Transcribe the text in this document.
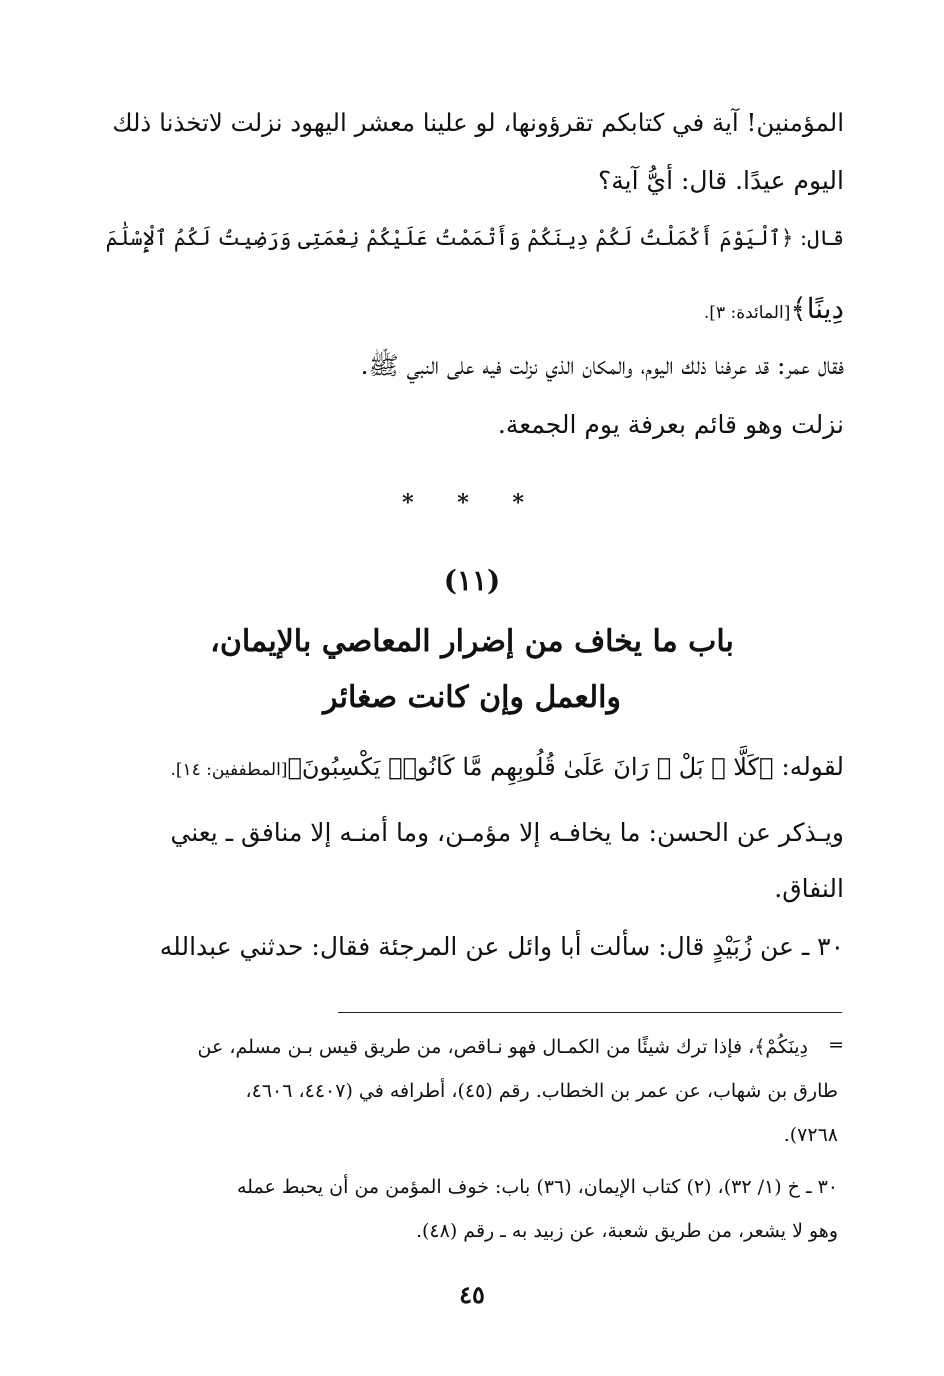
المؤمنين! آية في كتابكم تقرؤونها، لو علينا معشر اليهود نزلت لاتخذنا ذلك
اليوم عيدًا. قال: أيُّ آية؟
قال: ﴿ٱلْيَوْمَ أَكْمَلْتُ لَكُمْ دِينَكُمْ وَأَتْمَمْتُ عَلَيْكُمْ نِعْمَتِى وَرَضِيتُ لَكُمُ ٱلْإِسْلَٰمَ
دِينًا﴾[المائدة: ٣].
فقال عمر: قد عرفنا ذلك اليوم، والمكان الذي نزلت فيه على النبي ﷺ.
نزلت وهو قائم بعرفة يوم الجمعة.
* * *
(١١)
باب ما يخاف من إضرار المعاصي بالإيمان،
والعمل وإن كانت صغائر
لقوله: ﴿كَلَّا ۖ بَلْ ۜ رَانَ عَلَىٰ قُلُوبِهِم مَّا كَانُوا۟ يَكْسِبُونَ﴾[المطففين: ١٤].
ويـذكر عن الحسن: ما يخافـه إلا مؤمـن، وما أمنـه إلا منافق ـ يعني
النفاق.
٣٠ ـ عن زُبَيْدٍ قال: سألت أبا وائل عن المرجئة فقال: حدثني عبدالله
=
دِينَكُمْ﴾، فإذا ترك شيئًا من الكمـال فهو نـاقص، من طريق قيس بـن مسلم، عن
طارق بن شهاب، عن عمر بن الخطاب. رقم (٤٥)، أطرافه في (٤٤٠٧، ٤٦٠٦،
٧٢٦٨).
٣٠ ـ خ (١/ ٣٢)، (٢) كتاب الإيمان، (٣٦) باب: خوف المؤمن من أن يحبط عمله
وهو لا يشعر، من طريق شعبة، عن زبيد به ـ رقم (٤٨).
٤٥
